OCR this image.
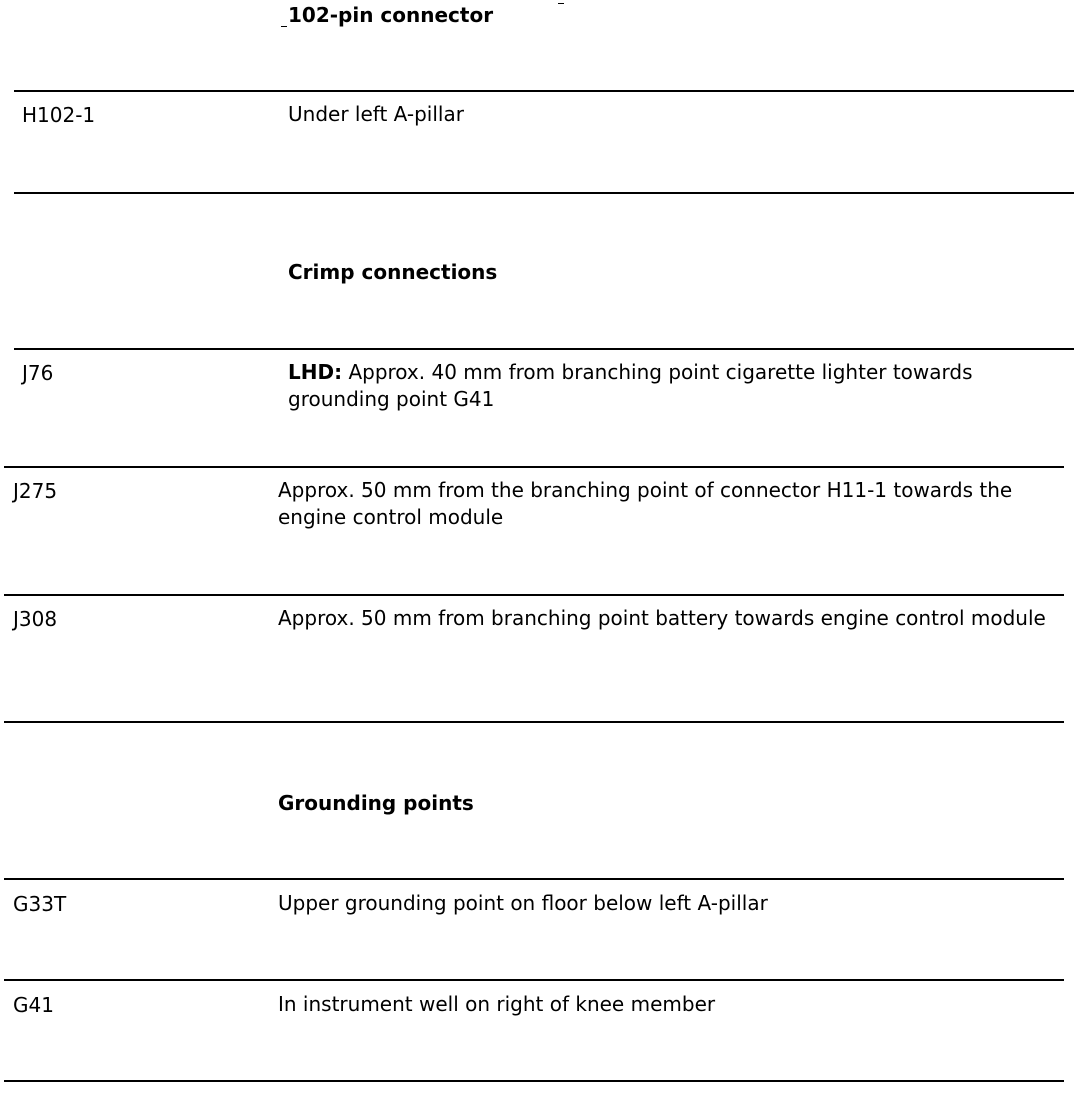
102-pin connector
H102-1	Under left A-pillar
Crimp connections
J76	LHD: Approx. 40 mm from branching point cigarette lighter towards grounding point G41
J275	Approx. 50 mm from the branching point of connector H11-1 towards the engine control module
J308	Approx. 50 mm from branching point battery towards engine control module
Grounding points
G33T	Upper grounding point on floor below left A-pillar
G41	In instrument well on right of knee member
